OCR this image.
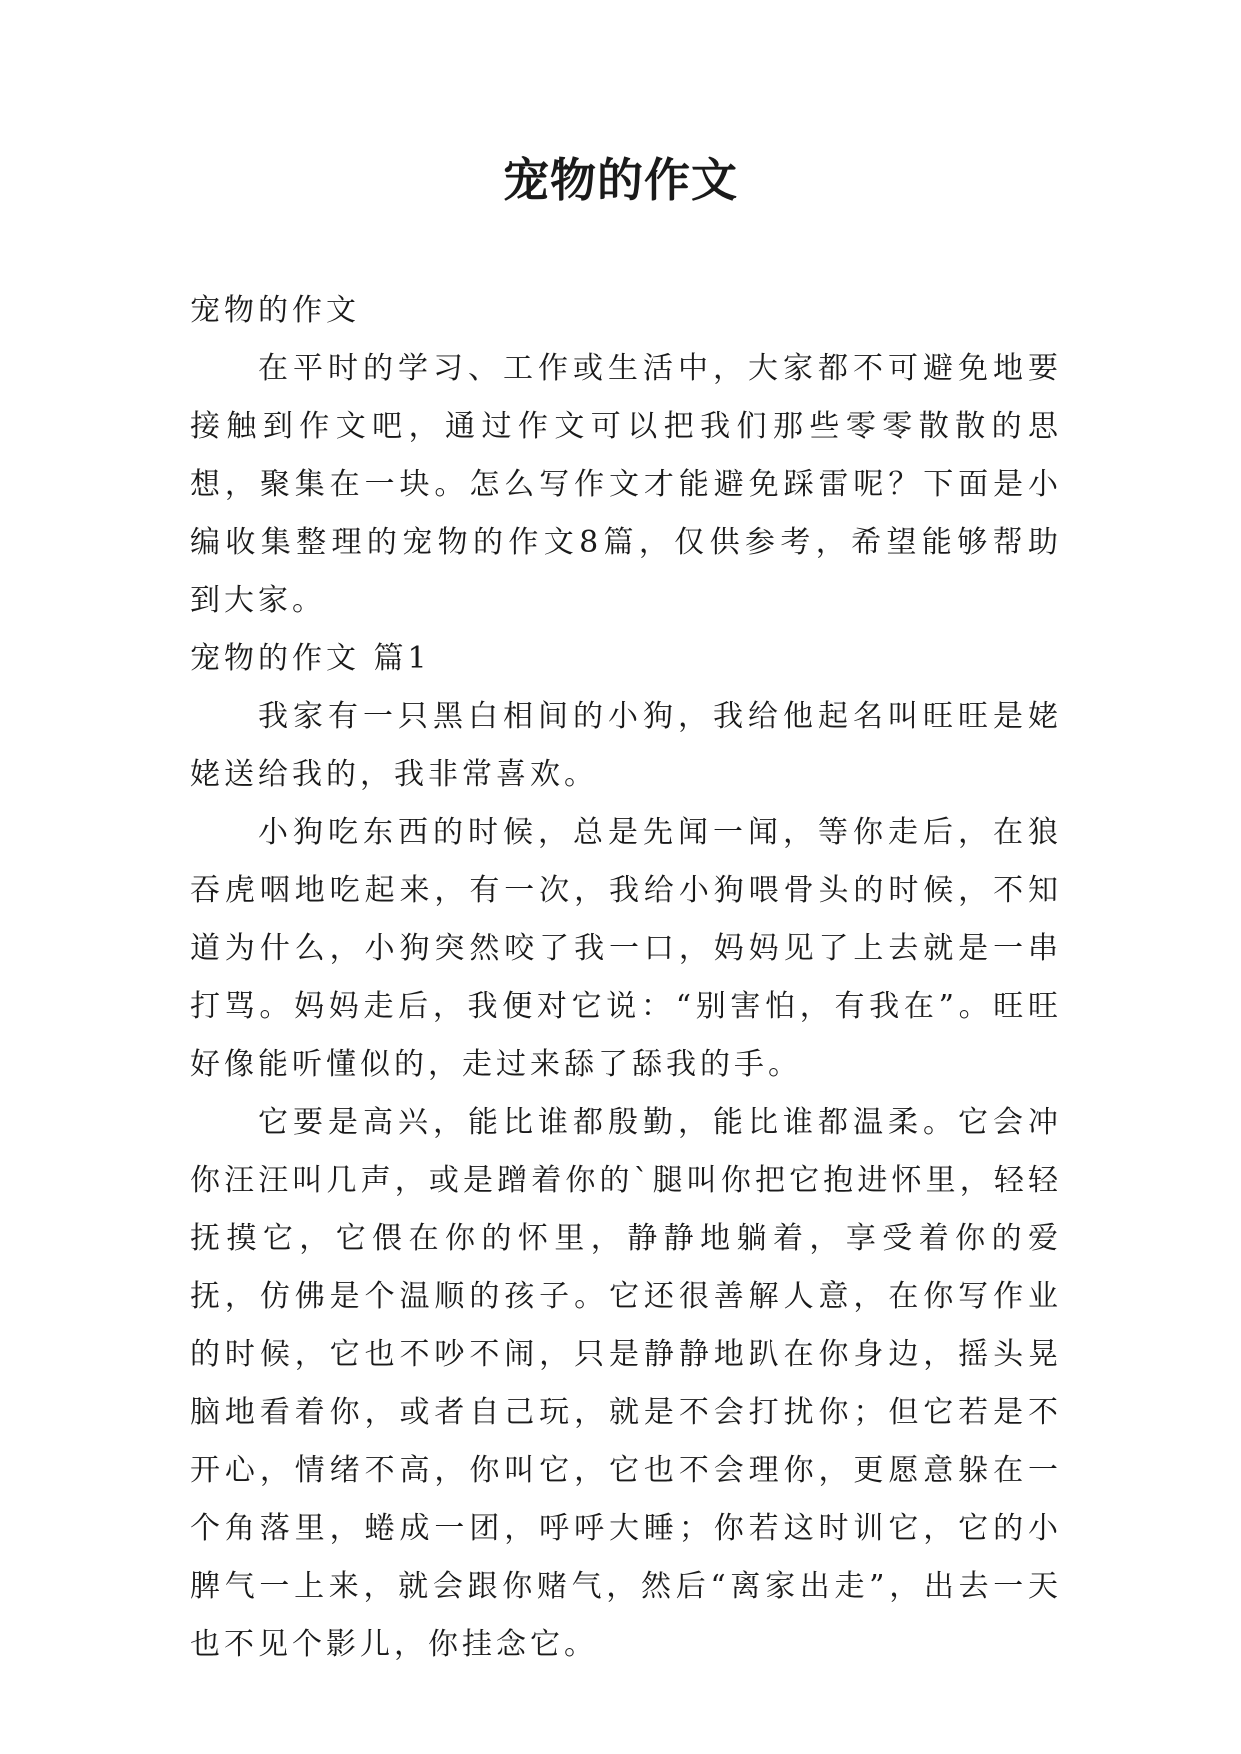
宠物的作文

宠物的作文

在平时的学习、工作或生活中，大家都不可避免地要接触到作文吧，通过作文可以把我们那些零零散散的思想，聚集在一块。怎么写作文才能避免踩雷呢？下面是小编收集整理的宠物的作文8篇，仅供参考，希望能够帮助到大家。

宠物的作文 篇1

我家有一只黑白相间的小狗，我给他起名叫旺旺是姥姥送给我的，我非常喜欢。

小狗吃东西的时候，总是先闻一闻，等你走后，在狼吞虎咽地吃起来，有一次，我给小狗喂骨头的时候，不知道为什么，小狗突然咬了我一口，妈妈见了上去就是一串打骂。妈妈走后，我便对它说：“别害怕，有我在”。旺旺好像能听懂似的，走过来舔了舔我的手。

它要是高兴，能比谁都殷勤，能比谁都温柔。它会冲你汪汪叫几声，或是蹭着你的`腿叫你把它抱进怀里，轻轻抚摸它，它偎在你的怀里，静静地躺着，享受着你的爱抚，仿佛是个温顺的孩子。它还很善解人意，在你写作业的时候，它也不吵不闹，只是静静地趴在你身边，摇头晃脑地看着你，或者自己玩，就是不会打扰你；但它若是不开心，情绪不高，你叫它，它也不会理你，更愿意躲在一个角落里，蜷成一团，呼呼大睡；你若这时训它，它的小脾气一上来，就会跟你赌气，然后“离家出走”，出去一天也不见个影儿，你挂念它。
